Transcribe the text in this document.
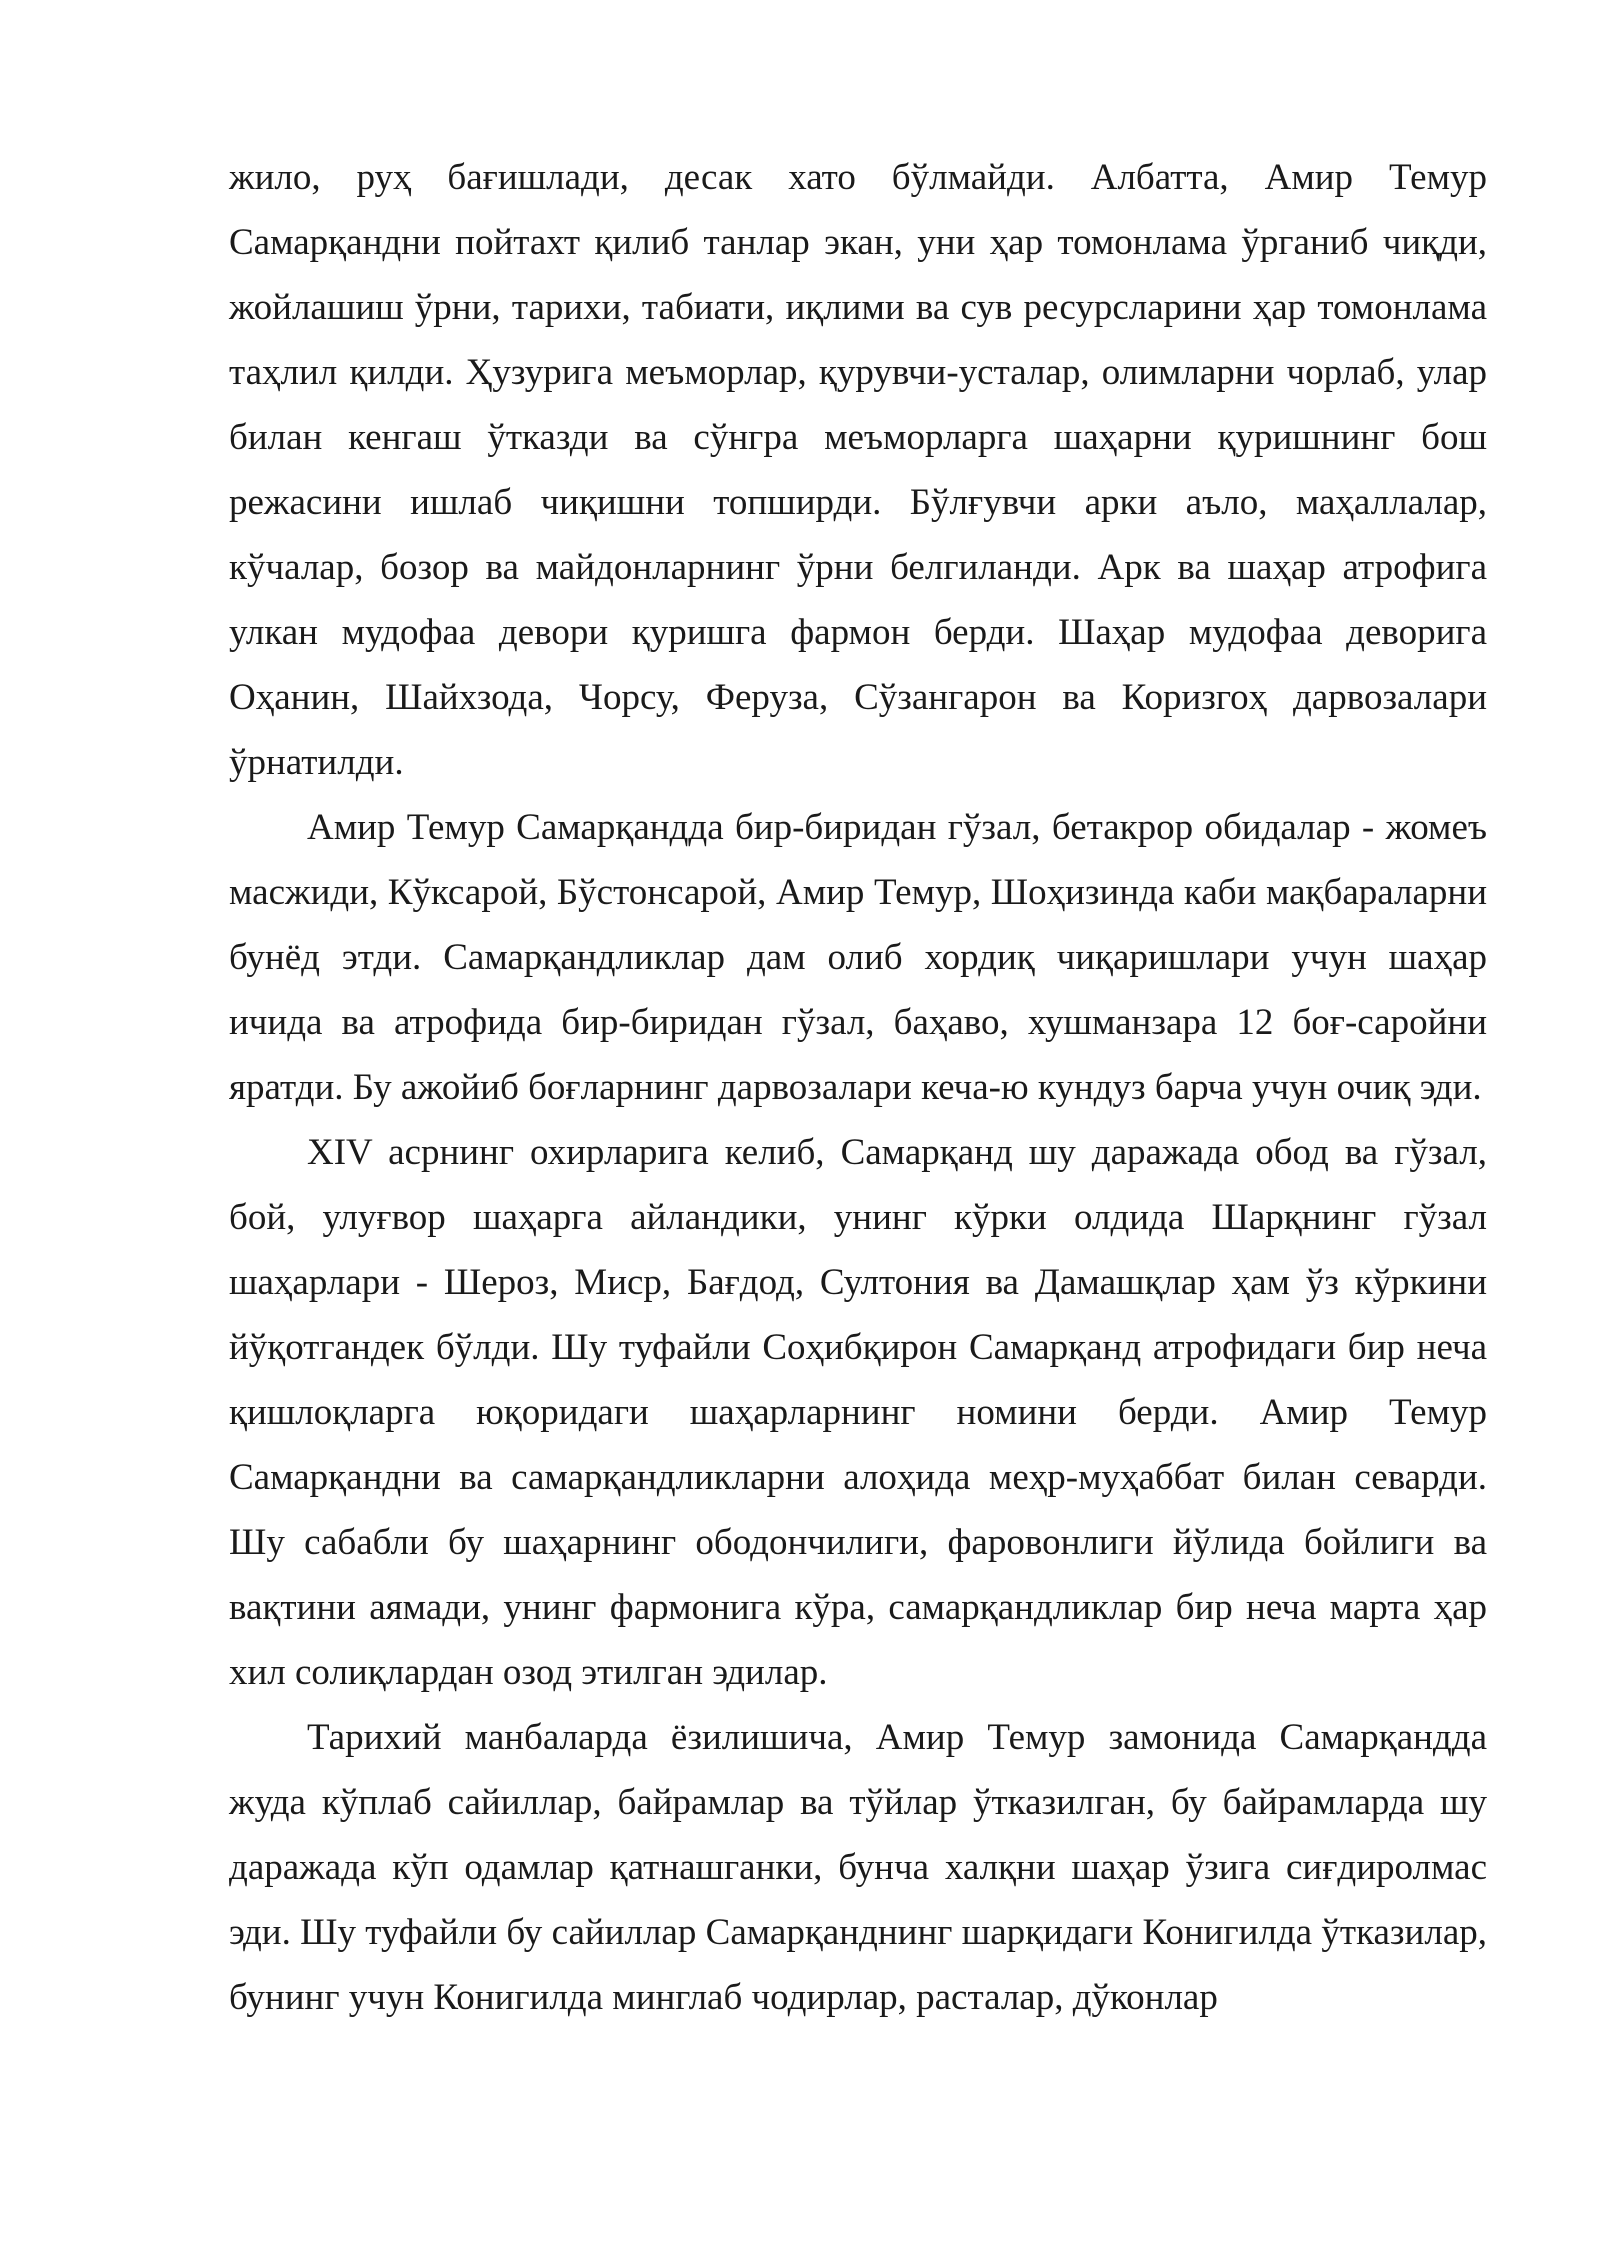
жило, руҳ бағишлади, десак хато бўлмайди. Албатта, Амир Темур Самарқандни пойтахт қилиб танлар экан, уни ҳар томонлама ўрганиб чиқди, жойлашиш ўрни, тарихи, табиати, иқлими ва сув ресурсларини ҳар томонлама таҳлил қилди. Ҳузурига меъморлар, қурувчи-усталар, олимларни чорлаб, улар билан кенгаш ўтказди ва сўнгра меъморларга шаҳарни қуришнинг бош режасини ишлаб чиқишни топширди. Бўлғувчи арки аъло, маҳаллалар, кўчалар, бозор ва майдонларнинг ўрни белгиланди. Арк ва шаҳар атрофига улкан мудофаа девори қуришга фармон берди. Шаҳар мудофаа деворига Оҳанин, Шайхзода, Чорсу, Феруза, Сўзангарон ва Коризгоҳ дарвозалари ўрнатилди.

Амир Темур Самарқандда бир-биридан гўзал, бетакрор обидалар - жомеъ масжиди, Кўксарой, Бўстонсарой, Амир Темур, Шоҳизинда каби мақбараларни бунёд этди. Самарқандликлар дам олиб хордиқ чиқаришлари учун шаҳар ичида ва атрофида бир-биридан гўзал, баҳаво, хушманзара 12 боғ-саройни яратди. Бу ажойиб боғларнинг дарвозалари кеча-ю кундуз барча учун очиқ эди.

XIV асрнинг охирларига келиб, Самарқанд шу даражада обод ва гўзал, бой, улуғвор шаҳарга айландики, унинг кўрки олдида Шарқнинг гўзал шаҳарлари - Шероз, Миср, Бағдод, Султония ва Дамашқлар ҳам ўз кўркини йўқотгандек бўлди. Шу туфайли Соҳибқирон Самарқанд атрофидаги бир неча қишлоқларга юқоридаги шаҳарларнинг номини берди. Амир Темур Самарқандни ва самарқандликларни алоҳида меҳр-муҳаббат билан севарди. Шу сабабли бу шаҳарнинг ободончилиги, фаровонлиги йўлида бойлиги ва вақтини аямади, унинг фармонига кўра, самарқандликлар бир неча марта ҳар хил солиқлардан озод этилган эдилар.

Тарихий манбаларда ёзилишича, Амир Темур замонида Самарқандда жуда кўплаб сайиллар, байрамлар ва тўйлар ўтказилган, бу байрамларда шу даражада кўп одамлар қатнашганки, бунча халқни шаҳар ўзига сиғдиролмас эди. Шу туфайли бу сайиллар Самарқанднинг шарқидаги Конигилда ўтказилар, бунинг учун Конигилда минглаб чодирлар, расталар, дўконлар
